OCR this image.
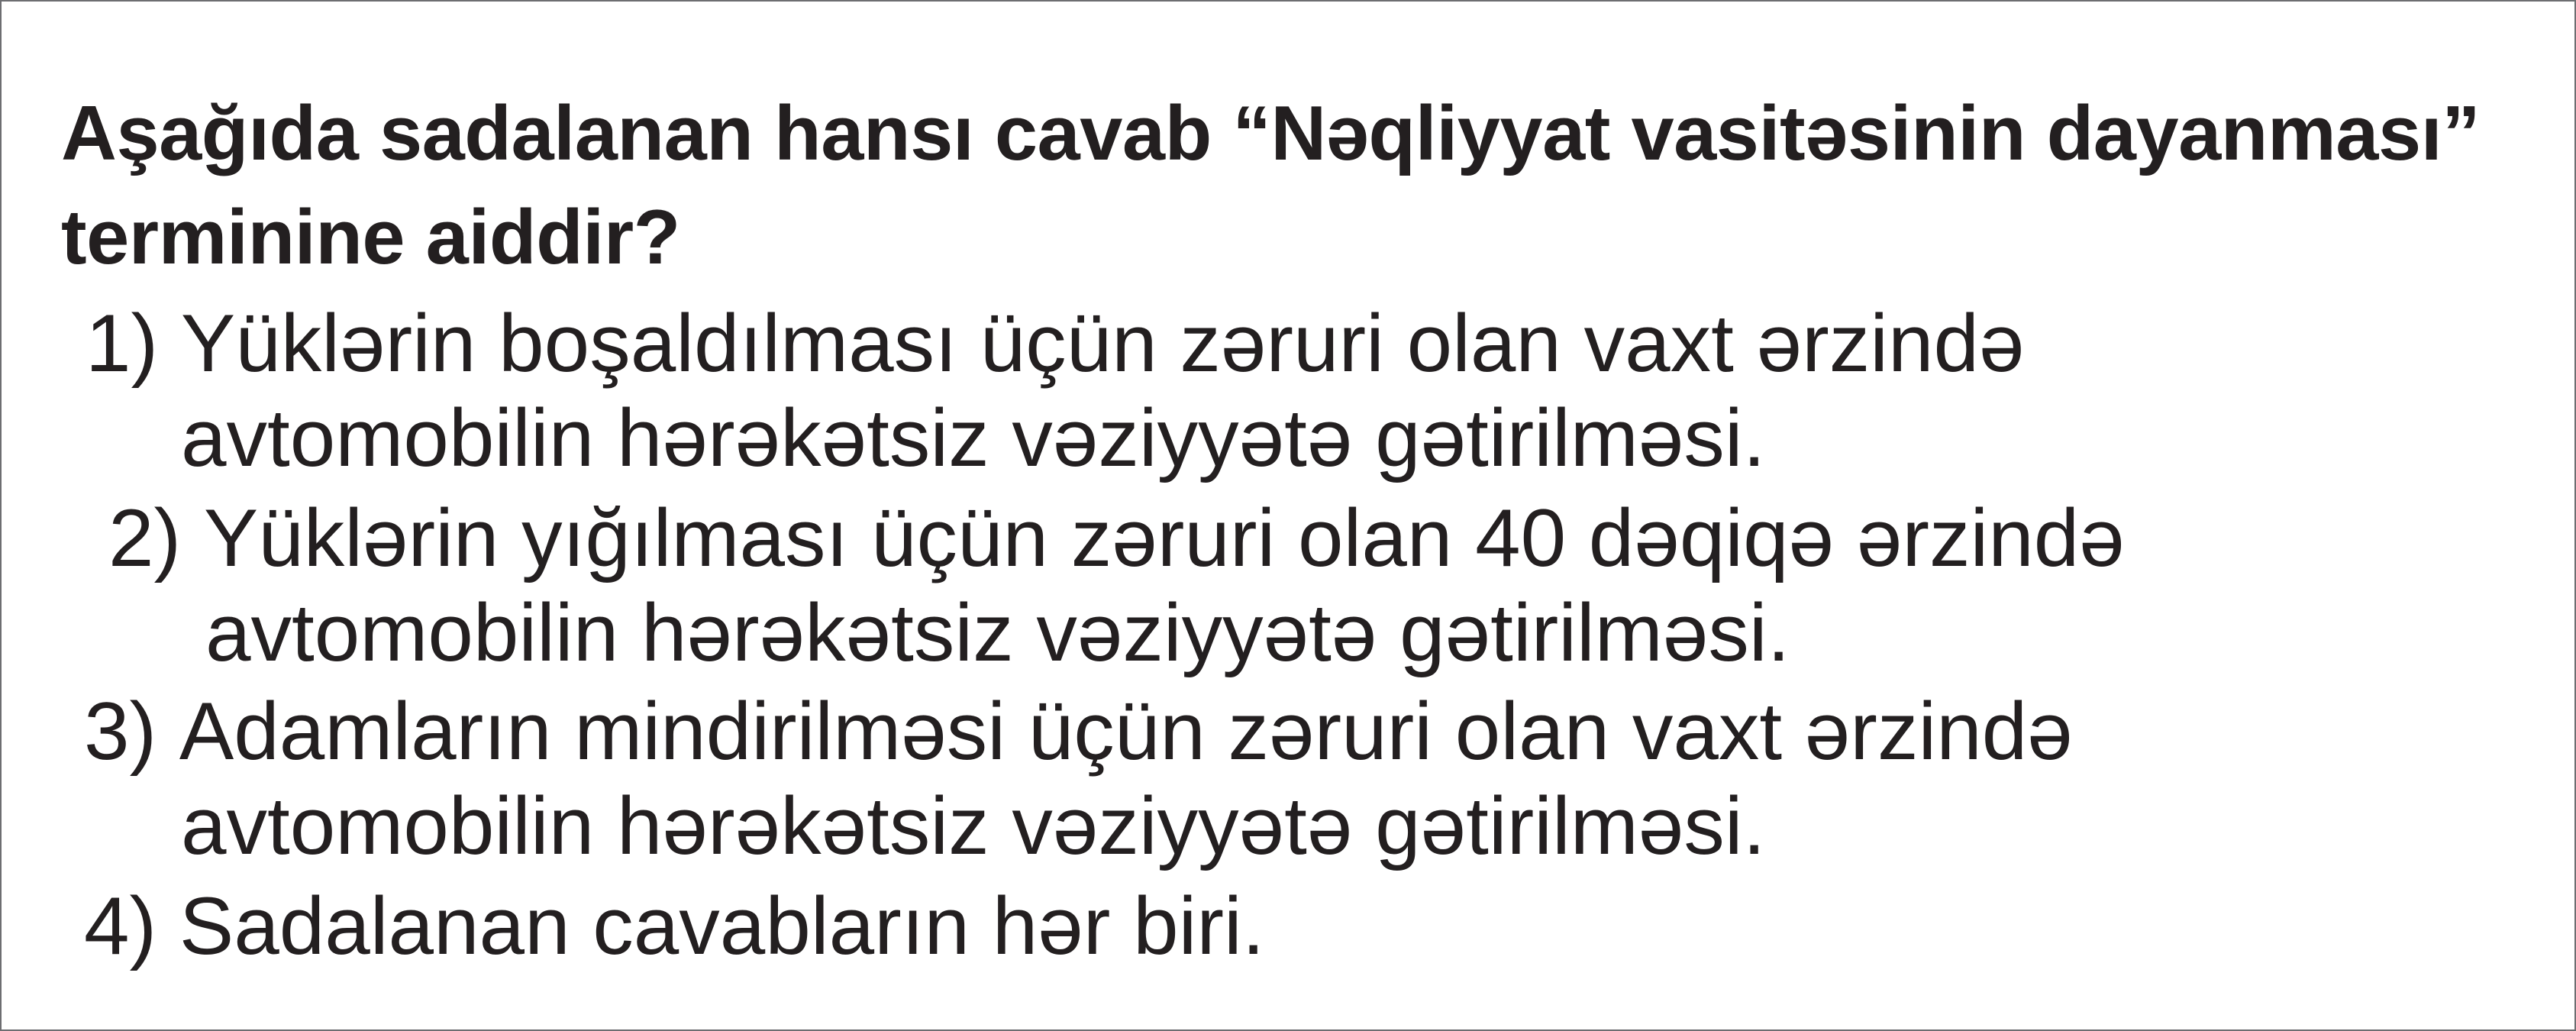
Aşağıda sadalanan hansı cavab “Nəqliyyat vasitəsinin dayanması” terminine aiddir?

1)
Yüklərin boşaldılması üçün zəruri olan vaxt ərzində
avtomobilin hərəkətsiz vəziyyətə gətirilməsi.
2)
Yüklərin yığılması üçün zəruri olan 40 dəqiqə ərzində
avtomobilin hərəkətsiz vəziyyətə gətirilməsi.
3)
Adamların mindirilməsi üçün zəruri olan vaxt ərzində
avtomobilin hərəkətsiz vəziyyətə gətirilməsi.
4)
Sadalanan cavabların hər biri.
